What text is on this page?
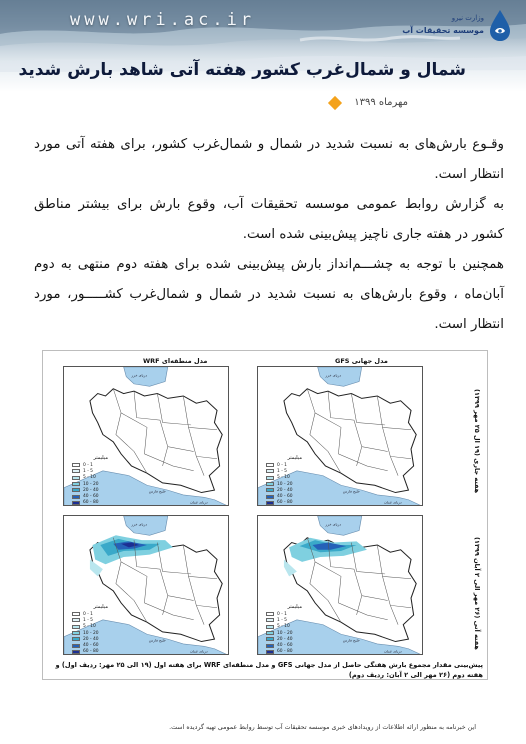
www.wri.ac.ir	وزارت نیرو
موسسه تحقیقات آب
شمال و شمال‌غرب کشور هفته آتی شاهد بارش شدید
مهرماه ۱۳۹۹

وقـوع بارش‌های به نسبت شدید در شمال و شمال‌غرب کشور، برای هفته آتی مورد انتظار است.

به گزارش روابط عمومی موسسه تحقیقات آب، وقوع بارش برای بیشتر مناطق کشور در هفته جاری ناچیز پیش‌بینی شده است.

همچنین با توجه به چشـــم‌انداز بارش پیش‌بینی شده برای هفته دوم منتهی به دوم آبان‌ماه ، وقوع بارش‌های به نسبت شدید در شمال و شمال‌غرب کشـــــور، مورد انتظار است.

مدل منطقه‌ای WRF	مدل جهانی GFS
هفته جاری (۱۹ ال ۲۵ مهر ۱۳۹۹)
هفته آتی (۲۶ مهر الی ۲ آبان ۱۳۹۹)
دریای خزر
خلیج فارس
دریای عمان
میلیمتر
0 - 1
1 - 5
5 - 10
10 - 20
20 - 40
40 - 60
60 - 80
دریای خزر
خلیج فارس
دریای عمان
میلیمتر
0 - 1
1 - 5
5 - 10
10 - 20
20 - 40
40 - 60
60 - 80
دریای خزر
خلیج فارس
دریای عمان
میلیمتر
0 - 1
1 - 5
5 - 10
10 - 20
20 - 40
40 - 60
60 - 80
دریای خزر
خلیج فارس
دریای عمان
میلیمتر
0 - 1
1 - 5
5 - 10
10 - 20
20 - 40
40 - 60
60 - 80
پیش‌بینی مقدار مجموع بارش هفتگی حاصل از مدل جهانی GFS و مدل منطقه‌ای WRF برای هفته اول (۱۹ الی ۲۵ مهر: ردیف اول) و هفته دوم (۲۶ مهر الی ۲ آبان: ردیف دوم)
این خبرنامه به منظور ارائه اطلاعات از رویدادهای خبری موسسه تحقیقات آب توسط روابط عمومی تهیه گردیده است.
